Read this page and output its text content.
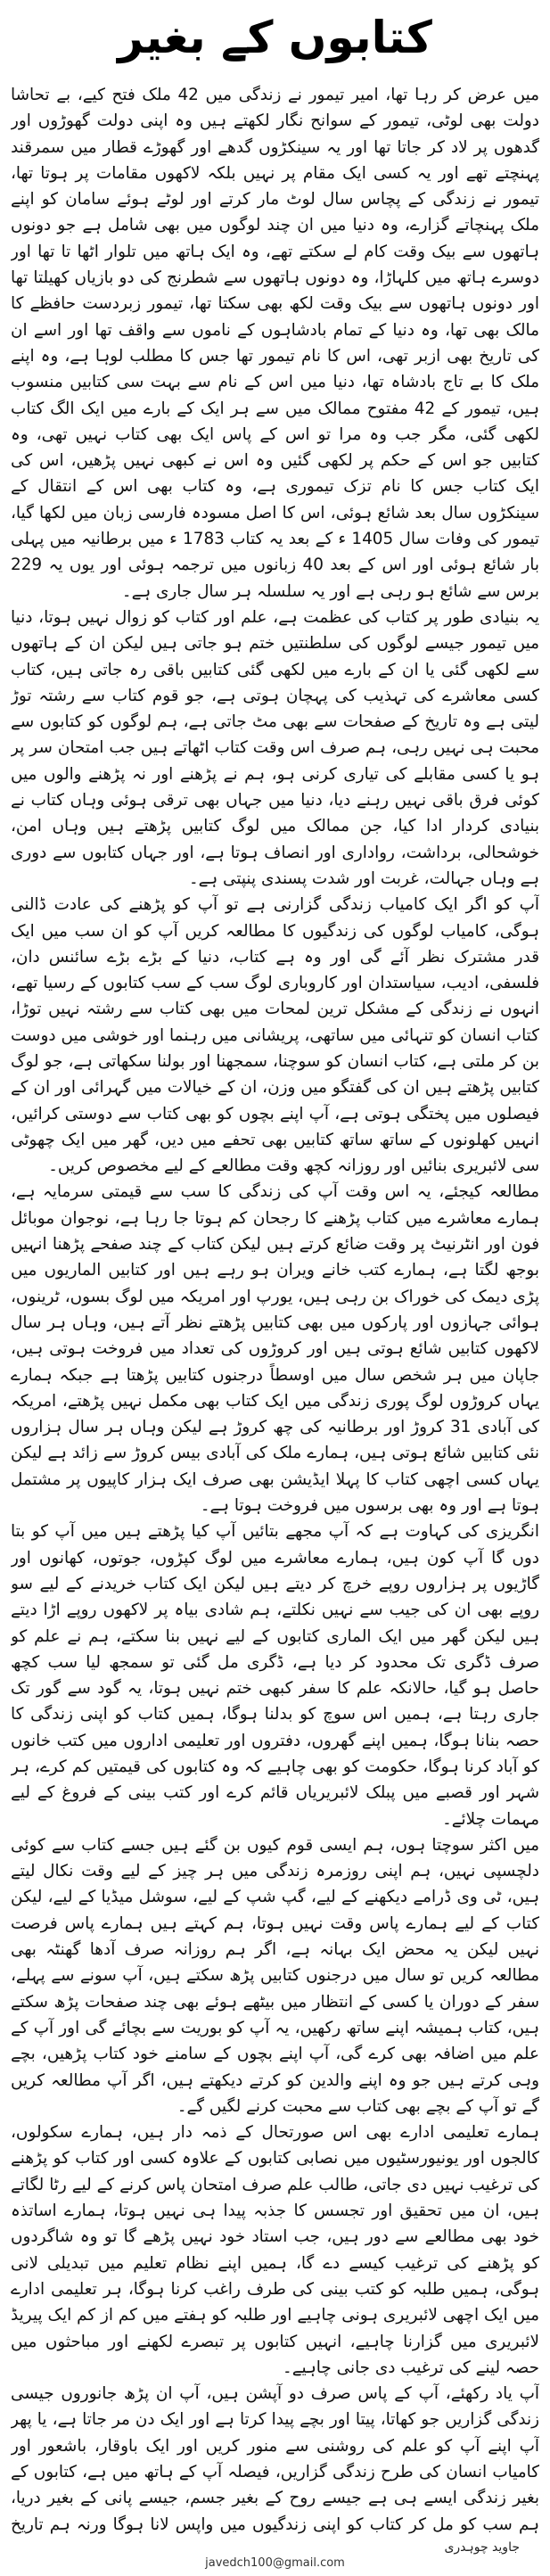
کتابوں کے بغیر

میں عرض کر رہا تھا، امیر تیمور نے زندگی میں 42 ملک فتح کیے، بے تحاشا دولت بھی لوٹی، تیمور کے سوانح نگار لکھتے ہیں وہ اپنی دولت گھوڑوں اور گدھوں پر لاد کر جاتا تھا اور یہ سینکڑوں گدھے اور گھوڑے قطار میں سمرقند پہنچتے تھے اور یہ کسی ایک مقام پر نہیں بلکہ لاکھوں مقامات پر ہوتا تھا، تیمور نے زندگی کے پچاس سال لوٹ مار کرتے اور لوٹے ہوئے سامان کو اپنے ملک پہنچاتے گزارے، وہ دنیا میں ان چند لوگوں میں بھی شامل ہے جو دونوں ہاتھوں سے بیک وقت کام لے سکتے تھے، وہ ایک ہاتھ میں تلوار اٹھا تا تھا اور دوسرے ہاتھ میں کلہاڑا، وہ دونوں ہاتھوں سے شطرنج کی دو بازیاں کھیلتا تھا اور دونوں ہاتھوں سے بیک وقت لکھ بھی سکتا تھا، تیمور زبردست حافظے کا مالک بھی تھا، وہ دنیا کے تمام بادشاہوں کے ناموں سے واقف تھا اور اسے ان کی تاریخ بھی ازبر تھی، اس کا نام تیمور تھا جس کا مطلب لوہا ہے، وہ اپنے ملک کا بے تاج بادشاہ تھا، دنیا میں اس کے نام سے بہت سی کتابیں منسوب ہیں، تیمور کے 42 مفتوح ممالک میں سے ہر ایک کے بارے میں ایک الگ کتاب لکھی گئی، مگر جب وہ مرا تو اس کے پاس ایک بھی کتاب نہیں تھی، وہ کتابیں جو اس کے حکم پر لکھی گئیں وہ اس نے کبھی نہیں پڑھیں، اس کی ایک کتاب جس کا نام تزک تیموری ہے، وہ کتاب بھی اس کے انتقال کے سینکڑوں سال بعد شائع ہوئی، اس کا اصل مسودہ فارسی زبان میں لکھا گیا، تیمور کی وفات سال 1405 ء کے بعد یہ کتاب 1783 ء میں برطانیہ میں پہلی بار شائع ہوئی اور اس کے بعد 40 زبانوں میں ترجمہ ہوئی اور یوں یہ 229 برس سے شائع ہو رہی ہے اور یہ سلسلہ ہر سال جاری ہے۔

یہ بنیادی طور پر کتاب کی عظمت ہے، علم اور کتاب کو زوال نہیں ہوتا، دنیا میں تیمور جیسے لوگوں کی سلطنتیں ختم ہو جاتی ہیں لیکن ان کے ہاتھوں سے لکھی گئی یا ان کے بارے میں لکھی گئی کتابیں باقی رہ جاتی ہیں، کتاب کسی معاشرے کی تہذیب کی پہچان ہوتی ہے، جو قوم کتاب سے رشتہ توڑ لیتی ہے وہ تاریخ کے صفحات سے بھی مٹ جاتی ہے، ہم لوگوں کو کتابوں سے محبت ہی نہیں رہی، ہم صرف اس وقت کتاب اٹھاتے ہیں جب امتحان سر پر ہو یا کسی مقابلے کی تیاری کرنی ہو، ہم نے پڑھنے اور نہ پڑھنے والوں میں کوئی فرق باقی نہیں رہنے دیا، دنیا میں جہاں بھی ترقی ہوئی وہاں کتاب نے بنیادی کردار ادا کیا، جن ممالک میں لوگ کتابیں پڑھتے ہیں وہاں امن، خوشحالی، برداشت، رواداری اور انصاف ہوتا ہے، اور جہاں کتابوں سے دوری ہے وہاں جہالت، غربت اور شدت پسندی پنپتی ہے۔

آپ کو اگر ایک کامیاب زندگی گزارنی ہے تو آپ کو پڑھنے کی عادت ڈالنی ہوگی، کامیاب لوگوں کی زندگیوں کا مطالعہ کریں آپ کو ان سب میں ایک قدر مشترک نظر آئے گی اور وہ ہے کتاب، دنیا کے بڑے بڑے سائنس دان، فلسفی، ادیب، سیاستدان اور کاروباری لوگ سب کے سب کتابوں کے رسیا تھے، انہوں نے زندگی کے مشکل ترین لمحات میں بھی کتاب سے رشتہ نہیں توڑا، کتاب انسان کو تنہائی میں ساتھی، پریشانی میں رہنما اور خوشی میں دوست بن کر ملتی ہے، کتاب انسان کو سوچنا، سمجھنا اور بولنا سکھاتی ہے، جو لوگ کتابیں پڑھتے ہیں ان کی گفتگو میں وزن، ان کے خیالات میں گہرائی اور ان کے فیصلوں میں پختگی ہوتی ہے، آپ اپنے بچوں کو بھی کتاب سے دوستی کرائیں، انہیں کھلونوں کے ساتھ ساتھ کتابیں بھی تحفے میں دیں، گھر میں ایک چھوٹی سی لائبریری بنائیں اور روزانہ کچھ وقت مطالعے کے لیے مخصوص کریں۔

مطالعہ کیجئے، یہ اس وقت آپ کی زندگی کا سب سے قیمتی سرمایہ ہے، ہمارے معاشرے میں کتاب پڑھنے کا رجحان کم ہوتا جا رہا ہے، نوجوان موبائل فون اور انٹرنیٹ پر وقت ضائع کرتے ہیں لیکن کتاب کے چند صفحے پڑھنا انہیں بوجھ لگتا ہے، ہمارے کتب خانے ویران ہو رہے ہیں اور کتابیں الماریوں میں پڑی دیمک کی خوراک بن رہی ہیں، یورپ اور امریکہ میں لوگ بسوں، ٹرینوں، ہوائی جہازوں اور پارکوں میں بھی کتابیں پڑھتے نظر آتے ہیں، وہاں ہر سال لاکھوں کتابیں شائع ہوتی ہیں اور کروڑوں کی تعداد میں فروخت ہوتی ہیں، جاپان میں ہر شخص سال میں اوسطاً درجنوں کتابیں پڑھتا ہے جبکہ ہمارے یہاں کروڑوں لوگ پوری زندگی میں ایک کتاب بھی مکمل نہیں پڑھتے، امریکہ کی آبادی 31 کروڑ اور برطانیہ کی چھ کروڑ ہے لیکن وہاں ہر سال ہزاروں نئی کتابیں شائع ہوتی ہیں، ہمارے ملک کی آبادی بیس کروڑ سے زائد ہے لیکن یہاں کسی اچھی کتاب کا پہلا ایڈیشن بھی صرف ایک ہزار کاپیوں پر مشتمل ہوتا ہے اور وہ بھی برسوں میں فروخت ہوتا ہے۔

انگریزی کی کہاوت ہے کہ آپ مجھے بتائیں آپ کیا پڑھتے ہیں میں آپ کو بتا دوں گا آپ کون ہیں، ہمارے معاشرے میں لوگ کپڑوں، جوتوں، کھانوں اور گاڑیوں پر ہزاروں روپے خرچ کر دیتے ہیں لیکن ایک کتاب خریدنے کے لیے سو روپے بھی ان کی جیب سے نہیں نکلتے، ہم شادی بیاہ پر لاکھوں روپے اڑا دیتے ہیں لیکن گھر میں ایک الماری کتابوں کے لیے نہیں بنا سکتے، ہم نے علم کو صرف ڈگری تک محدود کر دیا ہے، ڈگری مل گئی تو سمجھ لیا سب کچھ حاصل ہو گیا، حالانکہ علم کا سفر کبھی ختم نہیں ہوتا، یہ گود سے گور تک جاری رہتا ہے، ہمیں اس سوچ کو بدلنا ہوگا، ہمیں کتاب کو اپنی زندگی کا حصہ بنانا ہوگا، ہمیں اپنے گھروں، دفتروں اور تعلیمی اداروں میں کتب خانوں کو آباد کرنا ہوگا، حکومت کو بھی چاہیے کہ وہ کتابوں کی قیمتیں کم کرے، ہر شہر اور قصبے میں پبلک لائبریریاں قائم کرے اور کتب بینی کے فروغ کے لیے مہمات چلائے۔

میں اکثر سوچتا ہوں، ہم ایسی قوم کیوں بن گئے ہیں جسے کتاب سے کوئی دلچسپی نہیں، ہم اپنی روزمرہ زندگی میں ہر چیز کے لیے وقت نکال لیتے ہیں، ٹی وی ڈرامے دیکھنے کے لیے، گپ شپ کے لیے، سوشل میڈیا کے لیے، لیکن کتاب کے لیے ہمارے پاس وقت نہیں ہوتا، ہم کہتے ہیں ہمارے پاس فرصت نہیں لیکن یہ محض ایک بہانہ ہے، اگر ہم روزانہ صرف آدھا گھنٹہ بھی مطالعہ کریں تو سال میں درجنوں کتابیں پڑھ سکتے ہیں، آپ سونے سے پہلے، سفر کے دوران یا کسی کے انتظار میں بیٹھے ہوئے بھی چند صفحات پڑھ سکتے ہیں، کتاب ہمیشہ اپنے ساتھ رکھیں، یہ آپ کو بوریت سے بچائے گی اور آپ کے علم میں اضافہ بھی کرے گی، آپ اپنے بچوں کے سامنے خود کتاب پڑھیں، بچے وہی کرتے ہیں جو وہ اپنے والدین کو کرتے دیکھتے ہیں، اگر آپ مطالعہ کریں گے تو آپ کے بچے بھی کتاب سے محبت کرنے لگیں گے۔

ہمارے تعلیمی ادارے بھی اس صورتحال کے ذمہ دار ہیں، ہمارے سکولوں، کالجوں اور یونیورسٹیوں میں نصابی کتابوں کے علاوہ کسی اور کتاب کو پڑھنے کی ترغیب نہیں دی جاتی، طالب علم صرف امتحان پاس کرنے کے لیے رٹا لگاتے ہیں، ان میں تحقیق اور تجسس کا جذبہ پیدا ہی نہیں ہوتا، ہمارے اساتذہ خود بھی مطالعے سے دور ہیں، جب استاد خود نہیں پڑھے گا تو وہ شاگردوں کو پڑھنے کی ترغیب کیسے دے گا، ہمیں اپنے نظام تعلیم میں تبدیلی لانی ہوگی، ہمیں طلبہ کو کتب بینی کی طرف راغب کرنا ہوگا، ہر تعلیمی ادارے میں ایک اچھی لائبریری ہونی چاہیے اور طلبہ کو ہفتے میں کم از کم ایک پیریڈ لائبریری میں گزارنا چاہیے، انہیں کتابوں پر تبصرے لکھنے اور مباحثوں میں حصہ لینے کی ترغیب دی جانی چاہیے۔

آپ یاد رکھئے، آپ کے پاس صرف دو آپشن ہیں، آپ ان پڑھ جانوروں جیسی زندگی گزاریں جو کھاتا، پیتا اور بچے پیدا کرتا ہے اور ایک دن مر جاتا ہے، یا پھر آپ اپنے آپ کو علم کی روشنی سے منور کریں اور ایک باوقار، باشعور اور کامیاب انسان کی طرح زندگی گزاریں، فیصلہ آپ کے ہاتھ میں ہے، کتابوں کے بغیر زندگی ایسے ہی ہے جیسے روح کے بغیر جسم، جیسے پانی کے بغیر دریا، ہم سب کو مل کر کتاب کو اپنی زندگیوں میں واپس لانا ہوگا ورنہ ہم تاریخ

جاوید چوہدری
javedch100@gmail.com
